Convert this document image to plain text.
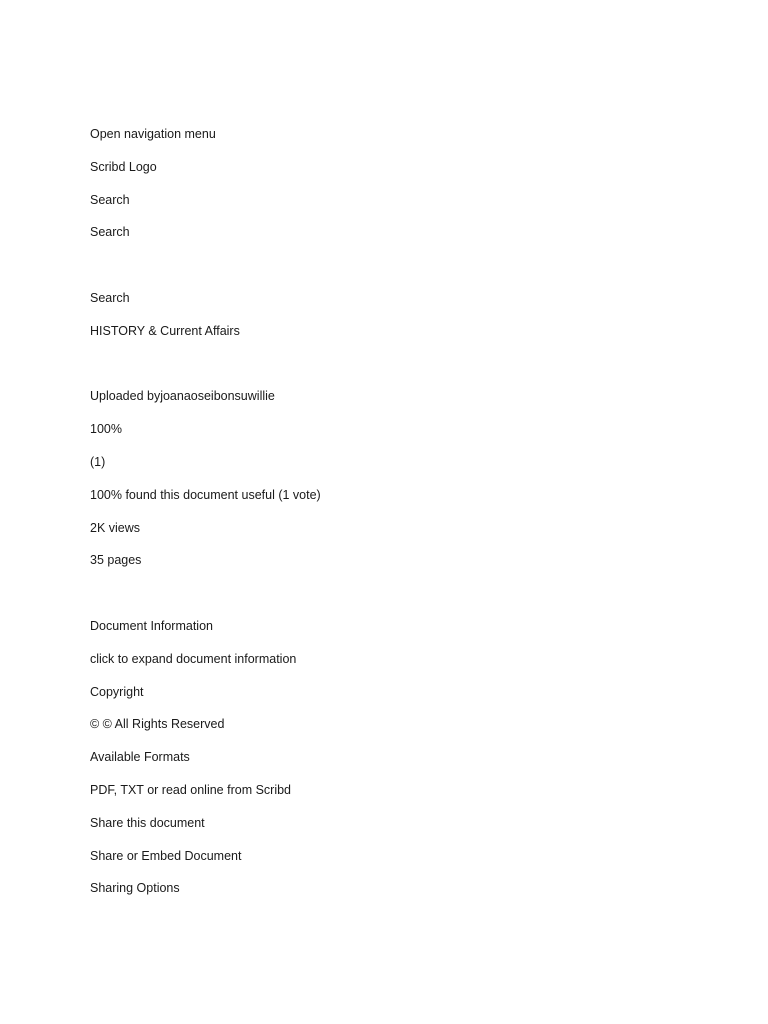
Open navigation menu
Scribd Logo
Search
Search
Search
HISTORY & Current Affairs
Uploaded byjoanaoseibonsuwillie
100%
(1)
100% found this document useful (1 vote)
2K views
35 pages
Document Information
click to expand document information
Copyright
© © All Rights Reserved
Available Formats
PDF, TXT or read online from Scribd
Share this document
Share or Embed Document
Sharing Options
